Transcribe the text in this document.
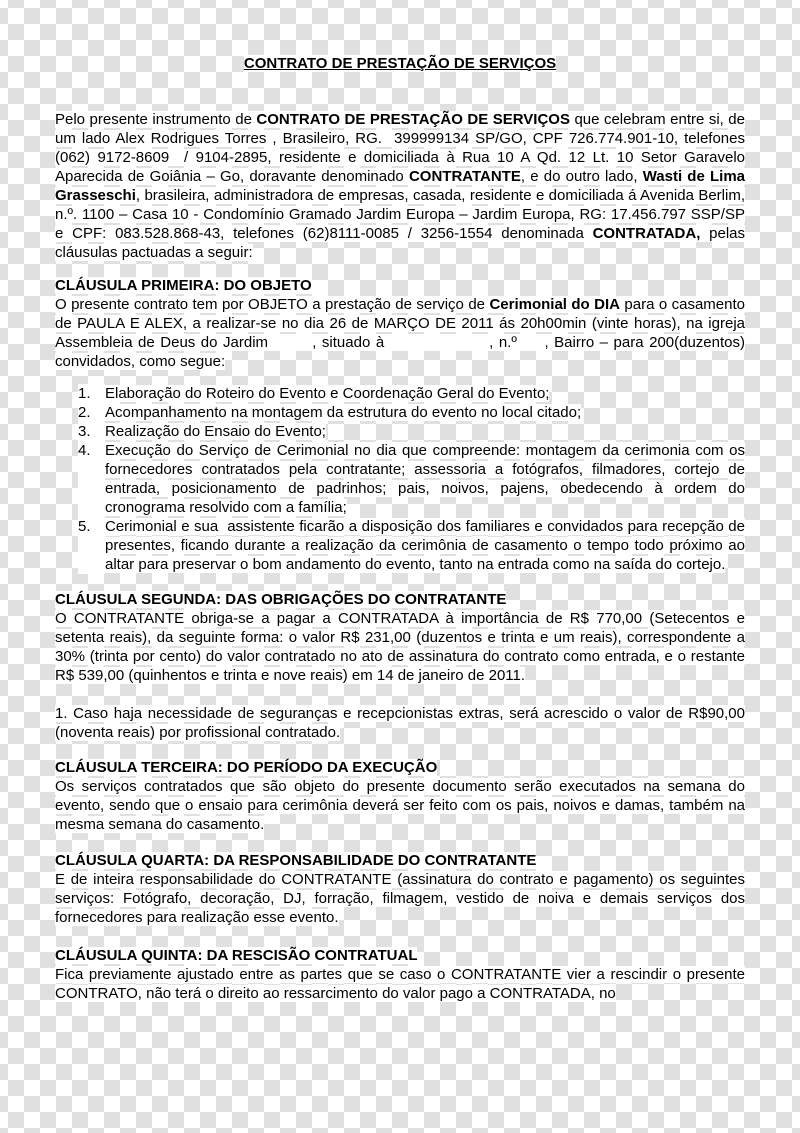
CONTRATO DE PRESTAÇÃO DE SERVIÇOS

Pelo presente instrumento de CONTRATO DE PRESTAÇÃO DE SERVIÇOS que celebram entre si, de um lado Alex Rodrigues Torres , Brasileiro, RG.  399999134 SP/GO, CPF 726.774.901-10, telefones (062) 9172-8609  / 9104-2895, residente e domiciliada à Rua 10 A Qd. 12 Lt. 10 Setor Garavelo Aparecida de Goiânia – Go, doravante denominado CONTRATANTE, e do outro lado, Wasti de Lima Grasseschi, brasileira, administradora de empresas, casada, residente e domiciliada á Avenida Berlim, n.º. 1100 – Casa 10 - Condomínio Gramado Jardim Europa – Jardim Europa, RG: 17.456.797 SSP/SP e CPF: 083.528.868-43, telefones (62)8111-0085 / 3256-1554 denominada CONTRATADA, pelas cláusulas pactuadas a seguir:

CLÁUSULA PRIMEIRA: DO OBJETO

O presente contrato tem por OBJETO a prestação de serviço de Cerimonial do DIA para o casamento de PAULA E ALEX, a realizar-se no dia 26 de MARÇO DE 2011 ás 20h00min (vinte horas), na igreja Assembleia de Deus do Jardim        , situado à                   , n.º     , Bairro – para 200(duzentos) convidados, como segue:

1. Elaboração do Roteiro do Evento e Coordenação Geral do Evento;
2. Acompanhamento na montagem da estrutura do evento no local citado;
3. Realização do Ensaio do Evento;
4. Execução do Serviço de Cerimonial no dia que compreende: montagem da cerimonia com os fornecedores contratados pela contratante; assessoria a fotógrafos, filmadores, cortejo de entrada, posicionamento de padrinhos; pais, noivos, pajens, obedecendo à ordem do cronograma resolvido com a família;
5. Cerimonial e sua  assistente ficarão a disposição dos familiares e convidados para recepção de presentes, ficando durante a realização da cerimônia de casamento o tempo todo próximo ao altar para preservar o bom andamento do evento, tanto na entrada como na saída do cortejo.
CLÁUSULA SEGUNDA: DAS OBRIGAÇÕES DO CONTRATANTE

O CONTRATANTE obriga-se a pagar a CONTRATADA à importância de R$ 770,00 (Setecentos e setenta reais), da seguinte forma: o valor R$ 231,00 (duzentos e trinta e um reais), correspondente a 30% (trinta por cento) do valor contratado no ato de assinatura do contrato como entrada, e o restante R$ 539,00 (quinhentos e trinta e nove reais) em 14 de janeiro de 2011.

1. Caso haja necessidade de seguranças e recepcionistas extras, será acrescido o valor de R$90,00 (noventa reais) por profissional contratado.

CLÁUSULA TERCEIRA: DO PERÍODO DA EXECUÇÃO

Os serviços contratados que são objeto do presente documento serão executados na semana do evento, sendo que o ensaio para cerimônia deverá ser feito com os pais, noivos e damas, também na mesma semana do casamento.

CLÁUSULA QUARTA: DA RESPONSABILIDADE DO CONTRATANTE

E de inteira responsabilidade do CONTRATANTE (assinatura do contrato e pagamento) os seguintes serviços: Fotógrafo, decoração, DJ, forração, filmagem, vestido de noiva e demais serviços dos fornecedores para realização esse evento.

CLÁUSULA QUINTA: DA RESCISÃO CONTRATUAL

Fica previamente ajustado entre as partes que se caso o CONTRATANTE vier a rescindir o presente CONTRATO, não terá o direito ao ressarcimento do valor pago a CONTRATADA, no
